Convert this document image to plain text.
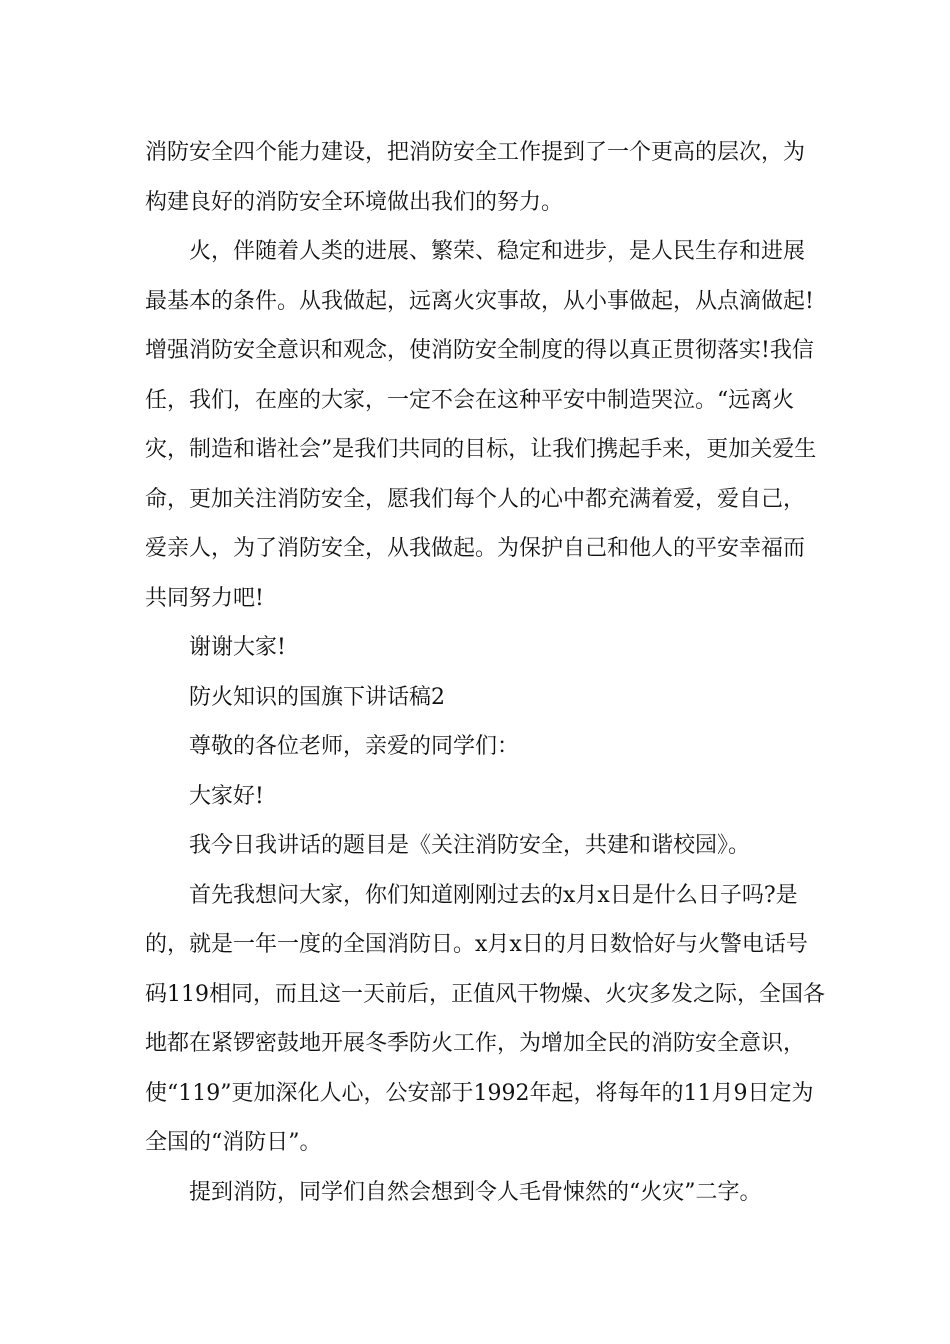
消防安全四个能力建设，把消防安全工作提到了一个更高的层次，为构建良好的消防安全环境做出我们的努力。

火，伴随着人类的进展、繁荣、稳定和进步，是人民生存和进展最基本的条件。从我做起，远离火灾事故，从小事做起，从点滴做起!增强消防安全意识和观念，使消防安全制度的得以真正贯彻落实!我信任，我们，在座的大家，一定不会在这种平安中制造哭泣。“远离火灾，制造和谐社会”是我们共同的目标，让我们携起手来，更加关爱生命，更加关注消防安全，愿我们每个人的心中都充满着爱，爱自己，爱亲人，为了消防安全，从我做起。为保护自己和他人的平安幸福而共同努力吧!

谢谢大家!

防火知识的国旗下讲话稿2

尊敬的各位老师，亲爱的同学们：

大家好!

我今日我讲话的题目是《关注消防安全，共建和谐校园》。

首先我想问大家，你们知道刚刚过去的x月x日是什么日子吗?是的，就是一年一度的全国消防日。x月x日的月日数恰好与火警电话号码119相同，而且这一天前后，正值风干物燥、火灾多发之际，全国各地都在紧锣密鼓地开展冬季防火工作，为增加全民的消防安全意识，使“119”更加深化人心，公安部于1992年起，将每年的11月9日定为全国的“消防日”。

提到消防，同学们自然会想到令人毛骨悚然的“火灾”二字。
